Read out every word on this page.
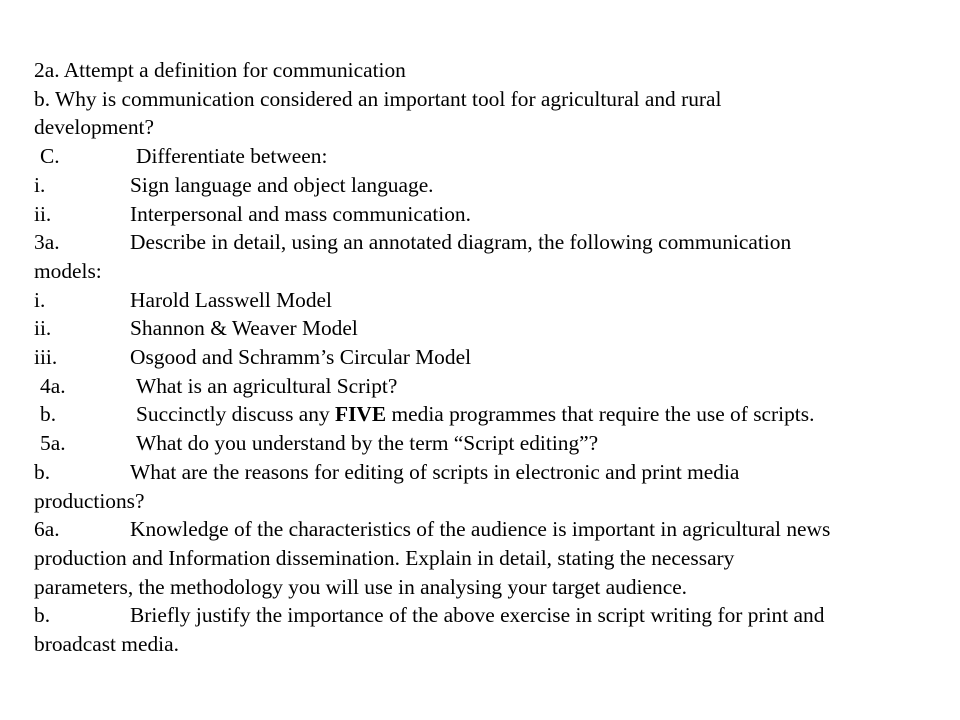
2a. Attempt a definition for communication
b. Why is communication considered an important tool for agricultural and rural
development?
C.	Differentiate between:
i.	Sign language and object language.
ii.	Interpersonal and mass communication.
3a.	Describe in detail, using an annotated diagram, the following communication
models:
i.	Harold Lasswell Model
ii.	Shannon & Weaver Model
iii.	Osgood and Schramm’s Circular Model
4a.	What is an agricultural Script?
b.	Succinctly discuss any FIVE media programmes that require the use of scripts.
5a.	What do you understand by the term “Script editing”?
b.	What are the reasons for editing of scripts in electronic and print media
productions?
6a.	Knowledge of the characteristics of the audience is important in agricultural news
production and Information dissemination. Explain in detail, stating the necessary
parameters, the methodology you will use in analysing your target audience.
b.	Briefly justify the importance of the above exercise in script writing for print and
broadcast media.
